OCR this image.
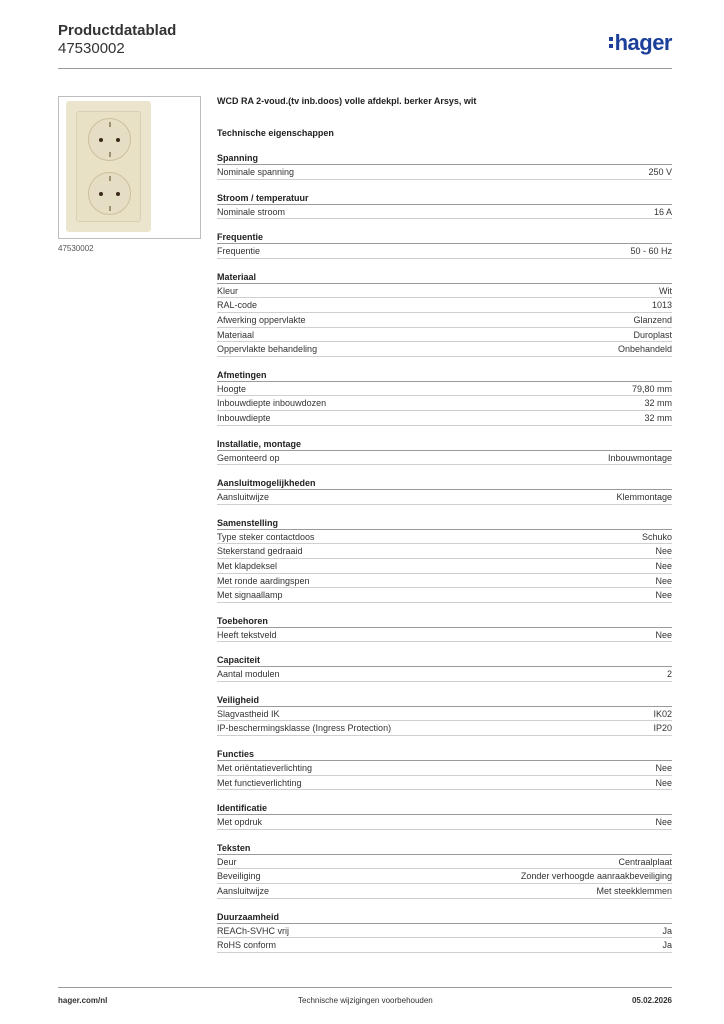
Productdatablad
47530002	hager
47530002
WCD RA 2-voud.(tv inb.doos) volle afdekpl. berker Arsys, wit
Technische eigenschappen
Spanning
Nominale spanning	250 V
Stroom / temperatuur
Nominale stroom	16 A
Frequentie
Frequentie	50 - 60 Hz
Materiaal
Kleur	Wit
RAL-code	1013
Afwerking oppervlakte	Glanzend
Materiaal	Duroplast
Oppervlakte behandeling	Onbehandeld
Afmetingen
Hoogte	79,80 mm
Inbouwdiepte inbouwdozen	32 mm
Inbouwdiepte	32 mm
Installatie, montage
Gemonteerd op	Inbouwmontage
Aansluitmogelijkheden
Aansluitwijze	Klemmontage
Samenstelling
Type steker contactdoos	Schuko
Stekerstand gedraaid	Nee
Met klapdeksel	Nee
Met ronde aardingspen	Nee
Met signaallamp	Nee
Toebehoren
Heeft tekstveld	Nee
Capaciteit
Aantal modulen	2
Veiligheid
Slagvastheid IK	IK02
IP-beschermingsklasse (Ingress Protection)	IP20
Functies
Met oriëntatieverlichting	Nee
Met functieverlichting	Nee
Identificatie
Met opdruk	Nee
Teksten
Deur	Centraalplaat
Beveiliging	Zonder verhoogde aanraakbeveiliging
Aansluitwijze	Met steekklemmen
Duurzaamheid
REACh-SVHC vrij	Ja
RoHS conform	Ja
hager.com/nl	Technische wijzigingen voorbehouden	05.02.2026
